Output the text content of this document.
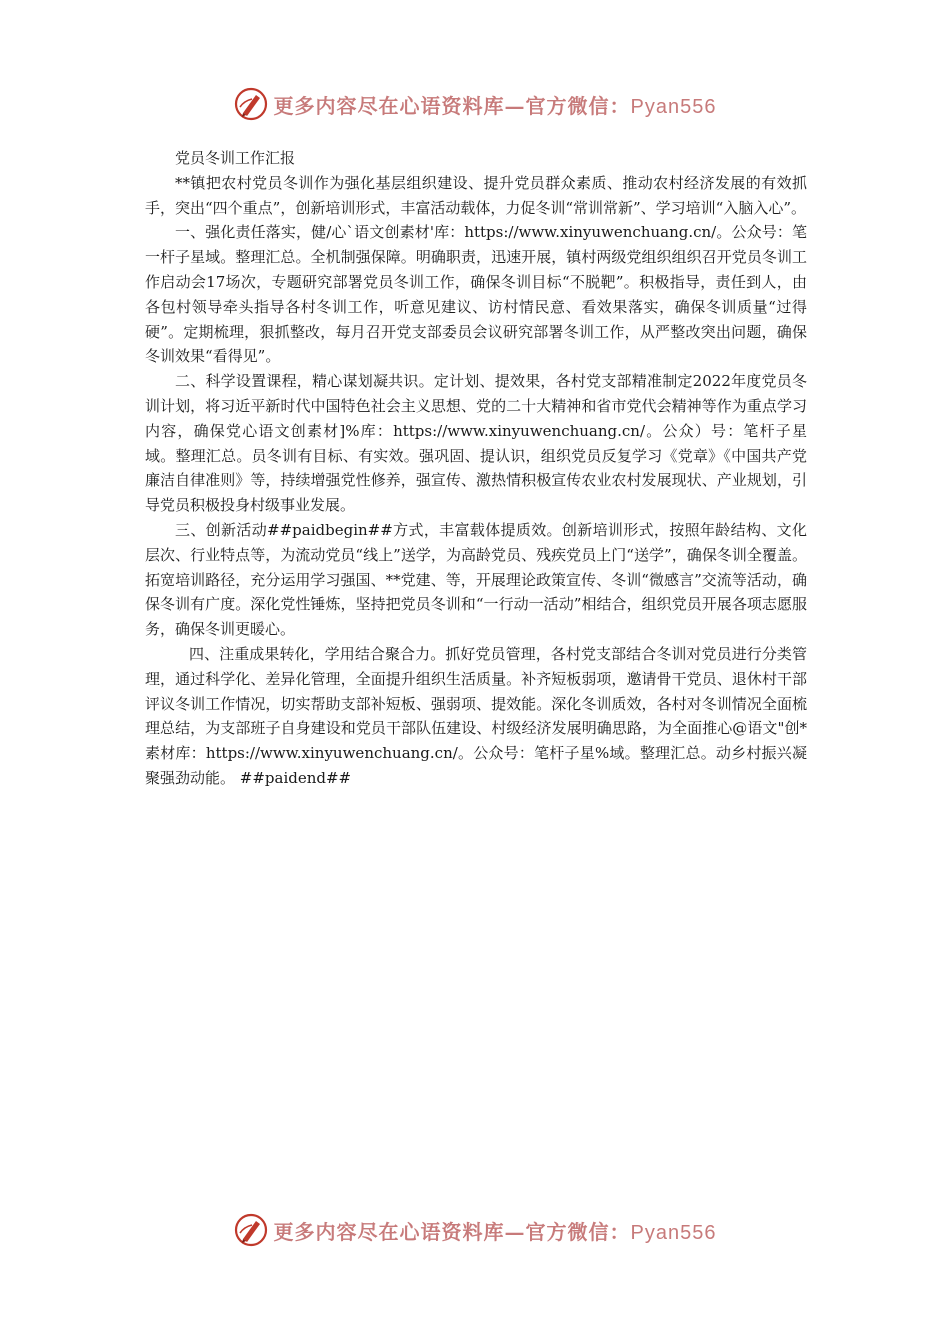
更多内容尽在心语资料库—官方微信：Pyan556

党员冬训工作汇报

**镇把农村党员冬训作为强化基层组织建设、提升党员群众素质、推动农村经济发展的有效抓手，突出“四个重点”，创新培训形式，丰富活动载体，力促冬训“常训常新”、学习培训“入脑入心”。

一、强化责任落实，健/心`语文创素材'库：https://www.xinyuwenchuang.cn/。公众号：笔一杆子星域。整理汇总。全机制强保障。明确职责，迅速开展，镇村两级党组织组织召开党员冬训工作启动会17场次，专题研究部署党员冬训工作，确保冬训目标“不脱靶”。积极指导，责任到人，由各包村领导牵头指导各村冬训工作，听意见建议、访村情民意、看效果落实，确保冬训质量“过得硬”。定期梳理，狠抓整改，每月召开党支部委员会议研究部署冬训工作，从严整改突出问题，确保冬训效果“看得见”。

二、科学设置课程，精心谋划凝共识。定计划、提效果，各村党支部精准制定2022年度党员冬训计划，将习近平新时代中国特色社会主义思想、党的二十大精神和省市党代会精神等作为重点学习内容，确保党心语文创素材]%库：https://www.xinyuwenchuang.cn/。公众）号：笔杆子星域。整理汇总。员冬训有目标、有实效。强巩固、提认识，组织党员反复学习《党章》《中国共产党廉洁自律准则》等，持续增强党性修养，强宣传、激热情积极宣传农业农村发展现状、产业规划，引导党员积极投身村级事业发展。

三、创新活动##paidbegin##方式，丰富载体提质效。创新培训形式，按照年龄结构、文化层次、行业特点等，为流动党员“线上”送学，为高龄党员、残疾党员上门“送学”，确保冬训全覆盖。拓宽培训路径，充分运用学习强国、**党建、等，开展理论政策宣传、冬训“微感言”交流等活动，确保冬训有广度。深化党性锤炼，坚持把党员冬训和“一行动一活动”相结合，组织党员开展各项志愿服务，确保冬训更暖心。

四、注重成果转化，学用结合聚合力。抓好党员管理，各村党支部结合冬训对党员进行分类管理，通过科学化、差异化管理，全面提升组织生活质量。补齐短板弱项，邀请骨干党员、退休村干部评议冬训工作情况，切实帮助支部补短板、强弱项、提效能。深化冬训质效，各村对冬训情况全面梳理总结，为支部班子自身建设和党员干部队伍建设、村级经济发展明确思路，为全面推心@语文"创*素材库：https://www.xinyuwenchuang.cn/。公众号：笔杆子星%域。整理汇总。动乡村振兴凝聚强劲动能。 ##paidend##

更多内容尽在心语资料库—官方微信：Pyan556
